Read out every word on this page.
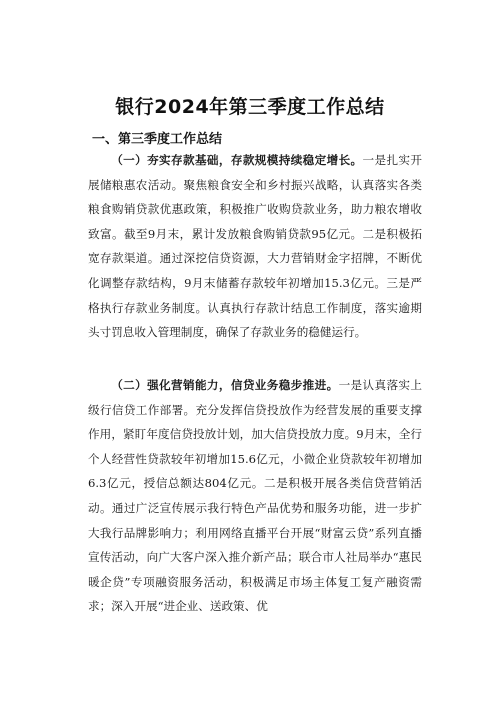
银行2024年第三季度工作总结
一、第三季度工作总结

（一）夯实存款基础，存款规模持续稳定增长。一是扎实开展储粮惠农活动。聚焦粮食安全和乡村振兴战略，认真落实各类粮食购销贷款优惠政策，积极推广收购贷款业务，助力粮农增收致富。截至9月末，累计发放粮食购销贷款95亿元。二是积极拓宽存款渠道。通过深挖信贷资源，大力营销财金字招牌，不断优化调整存款结构，9月末储蓄存款较年初增加15.3亿元。三是严格执行存款业务制度。认真执行存款计结息工作制度，落实逾期头寸罚息收入管理制度，确保了存款业务的稳健运行。

（二）强化营销能力，信贷业务稳步推进。一是认真落实上级行信贷工作部署。充分发挥信贷投放作为经营发展的重要支撑作用，紧盯年度信贷投放计划，加大信贷投放力度。9月末，全行个人经营性贷款较年初增加15.6亿元，小微企业贷款较年初增加6.3亿元，授信总额达804亿元。二是积极开展各类信贷营销活动。通过广泛宣传展示我行特色产品优势和服务功能，进一步扩大我行品牌影响力；利用网络直播平台开展“财富云贷”系列直播宣传活动，向广大客户深入推介新产品；联合市人社局举办“惠民暖企贷”专项融资服务活动，积极满足市场主体复工复产融资需求；深入开展“进企业、送政策、优
